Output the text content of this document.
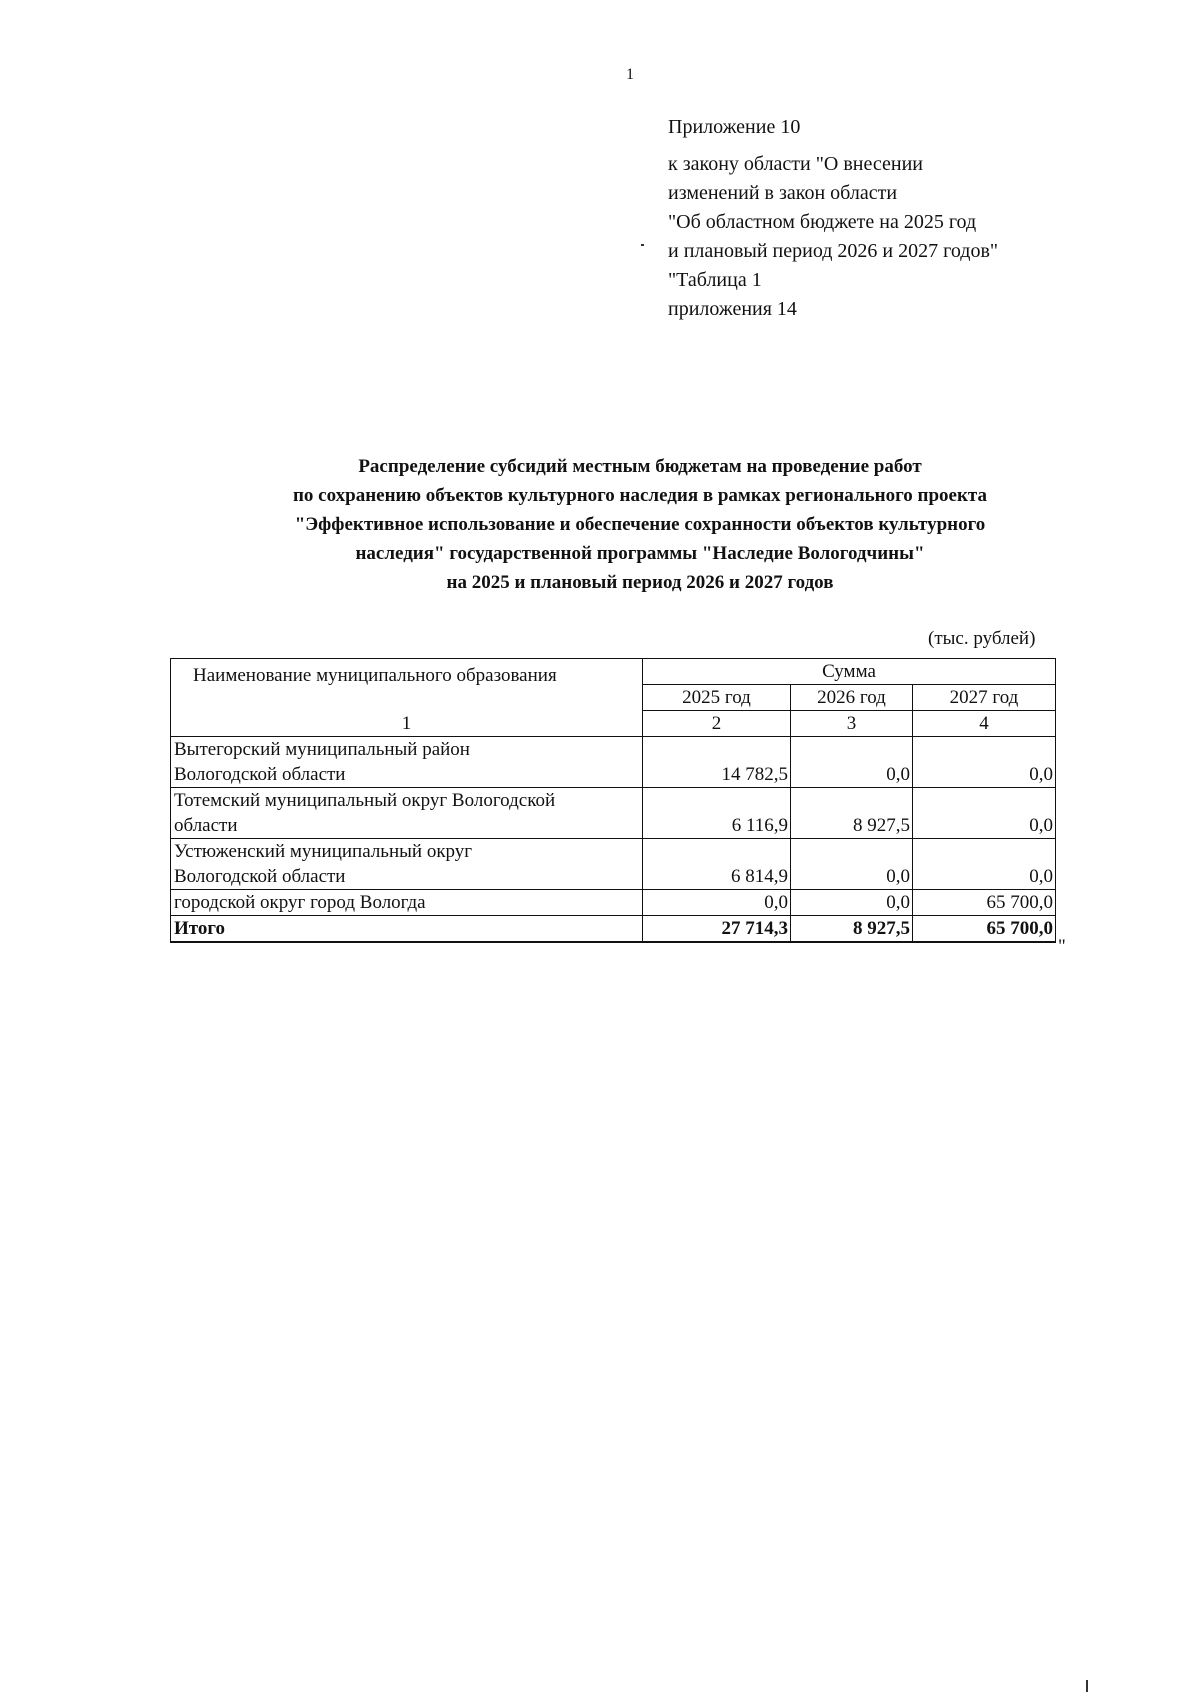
1
Приложение 10
к закону области "О внесении
изменений в закон области
"Об областном бюджете на 2025 год
и плановый период 2026 и 2027 годов"
"Таблица 1
приложения 14
Распределение субсидий местным бюджетам на проведение работ
по сохранению объектов культурного наследия в рамках регионального проекта
"Эффективное использование и обеспечение сохранности объектов культурного
наследия" государственной программы "Наследие Вологодчины"
на 2025 и плановый период 2026 и 2027 годов
(тыс. рублей)
Наименование муниципального образования	Сумма		
	2025 год	2026 год	2027 год
1	2	3	4

Вытегорский муниципальный район
Вологодской области	14 782,5	0,0	0,0

Тотемский муниципальный округ Вологодской
области	6 116,9	8 927,5	0,0

Устюженский муниципальный округ
Вологодской области	6 814,9	0,0	0,0
городской округ город Вологда	0,0	0,0	65 700,0
Итого	27 714,3	8 927,5	65 700,0
"
